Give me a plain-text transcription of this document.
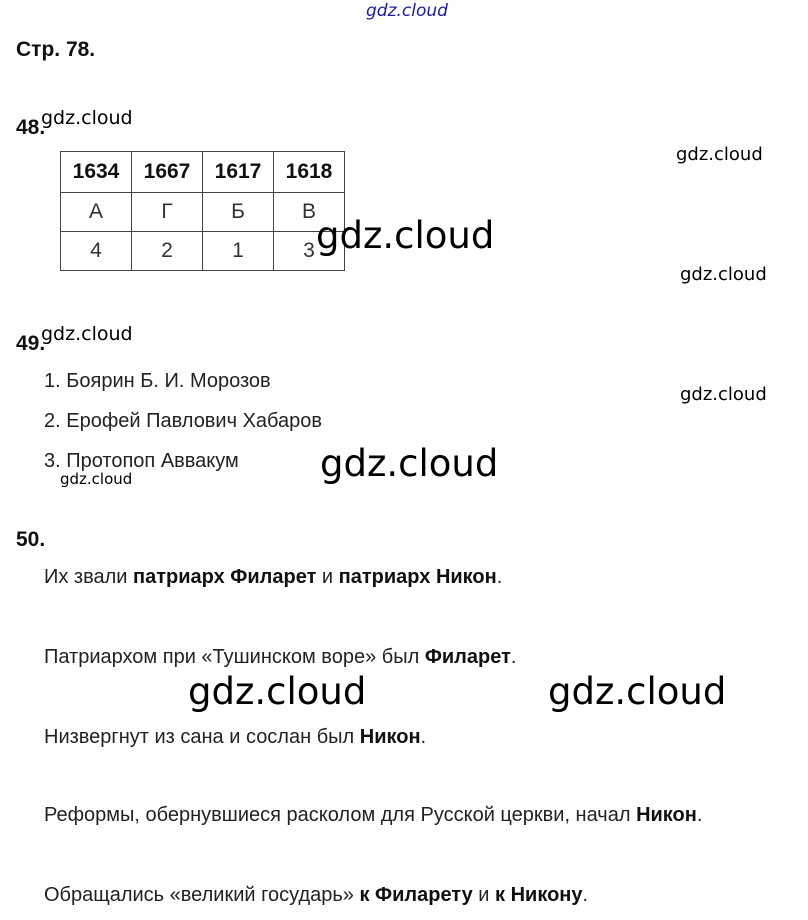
gdz.cloud
Стр. 78.
48.
gdz.cloud
1634	1667	1617	1618
А	Г	Б	В
4	2	1	3
gdz.cloud
gdz.cloud
gdz.cloud
49.
gdz.cloud
1. Боярин Б. И. Морозов
2. Ерофей Павлович Хабаров
3. Протопоп Аввакум
gdz.cloud
gdz.cloud	gdz.cloud
50.
Их звали патриарх Филарет и патриарх Никон.
Патриархом при «Тушинском воре» был Филарет.
Низвергнут из сана и сослан был Никон.
Реформы, обернувшиеся расколом для Русской церкви, начал Никон.
Обращались «великий государь» к Филарету и к Никону.
gdz.cloud	gdz.cloud
